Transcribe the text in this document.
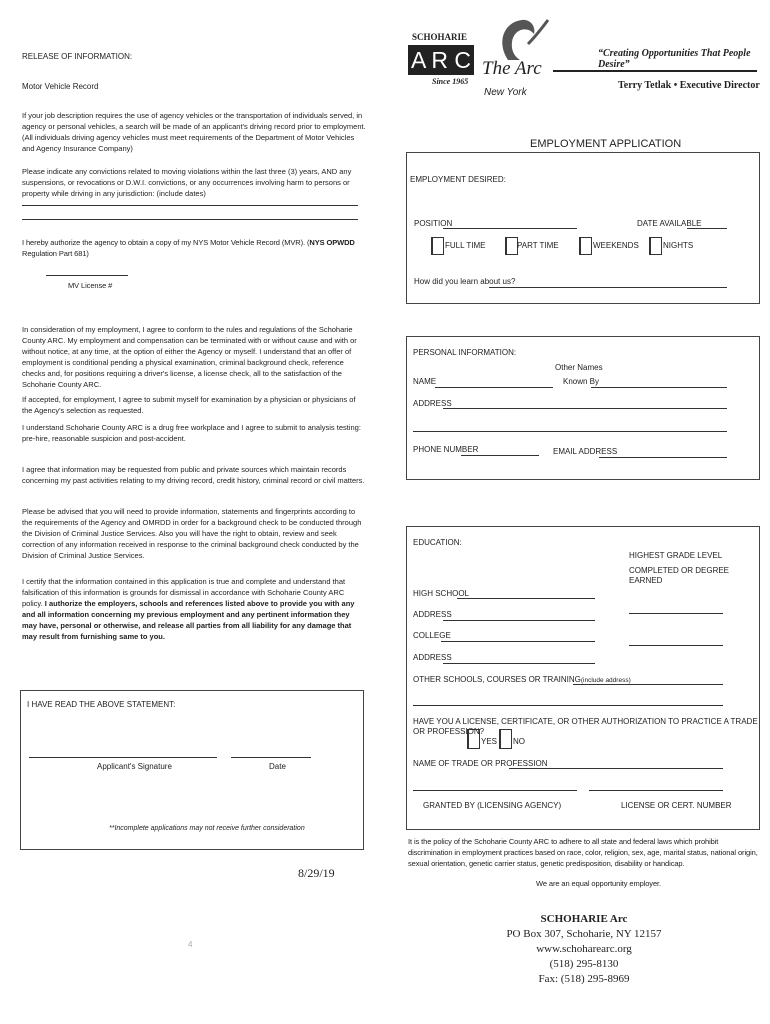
RELEASE OF INFORMATION:
Motor Vehicle Record
If your job description requires the use of agency vehicles or the transportation of individuals served, in agency or personal vehicles, a search will be made of an applicant's driving record prior to employment. (All individuals driving agency vehicles must meet requirements of the Department of Motor Vehicles and Agency Insurance Company)
Please indicate any convictions related to moving violations within the last three (3) years, AND any suspensions, or revocations or D.W.I. convictions, or any occurrences involving harm to persons or property while driving in any jurisdiction: (include dates)
I hereby authorize the agency to obtain a copy of my NYS Motor Vehicle Record (MVR). (NYS OPWDD Regulation Part 681)
MV License #
In consideration of my employment, I agree to conform to the rules and regulations of the Schoharie County ARC. My employment and compensation can be terminated with or without cause and with or without notice, at any time, at the option of either the Agency or myself. I understand that an offer of employment is conditional pending a physical examination, criminal background check, reference checks and, for positions requiring a driver's license, a license check, all to the satisfaction of the Schoharie County ARC.
If accepted, for employment, I agree to submit myself for examination by a physician or physicians of the Agency's selection as requested.
I understand Schoharie County ARC is a drug free workplace and I agree to submit to analysis testing: pre-hire, reasonable suspicion and post-accident.
I agree that information may be requested from public and private sources which maintain records concerning my past activities relating to my driving record, credit history, criminal record or civil matters.
Please be advised that you will need to provide information, statements and fingerprints according to the requirements of the Agency and OMRDD in order for a background check to be conducted through the Division of Criminal Justice Services. Also you will have the right to obtain, review and seek correction of any information received in response to the criminal background check conducted by the Division of Criminal Justice Services.
I certify that the information contained in this application is true and complete and understand that falsification of this information is grounds for dismissal in accordance with Schoharie County ARC policy. I authorize the employers, schools and references listed above to provide you with any and all information concerning my previous employment and any pertinent information they may have, personal or otherwise, and release all parties from all liability for any damage that may result from furnishing same to you.
I HAVE READ THE ABOVE STATEMENT:
Applicant's Signature	Date
**Incomplete applications may not receive further consideration
8/29/19
4
SCHOHARIE
A R C
Since 1965
The Arc
New York
“Creating Opportunities That People Desire”
Terry Tetlak • Executive Director
EMPLOYMENT APPLICATION
EMPLOYMENT DESIRED:
POSITION	DATE AVAILABLE
FULL TIME	PART TIME	WEEKENDS	NIGHTS
How did you learn about us?
PERSONAL INFORMATION:
Other Names
NAME	Known By
ADDRESS
PHONE NUMBER	EMAIL ADDRESS
EDUCATION:
HIGHEST GRADE LEVEL
COMPLETED OR DEGREE EARNED
HIGH SCHOOL
ADDRESS
COLLEGE
ADDRESS
OTHER SCHOOLS, COURSES OR TRAINING(include address)
HAVE YOU A LICENSE, CERTIFICATE, OR OTHER AUTHORIZATION TO PRACTICE A TRADE OR PROFESSION?
YES NO
NAME OF TRADE OR PROFESSION
GRANTED BY (LICENSING AGENCY)	LICENSE OR CERT. NUMBER
It is the policy of the Schoharie County ARC to adhere to all state and federal laws which prohibit discrimination in employment practices based on race, color, religion, sex, age, marital status, national origin, sexual orientation, genetic carrier status, genetic predisposition, disability or handicap.
We are an equal opportunity employer.
SCHOHARIE Arc
PO Box 307, Schoharie, NY 12157
www.schoharearc.org
(518) 295-8130
Fax: (518) 295-8969
